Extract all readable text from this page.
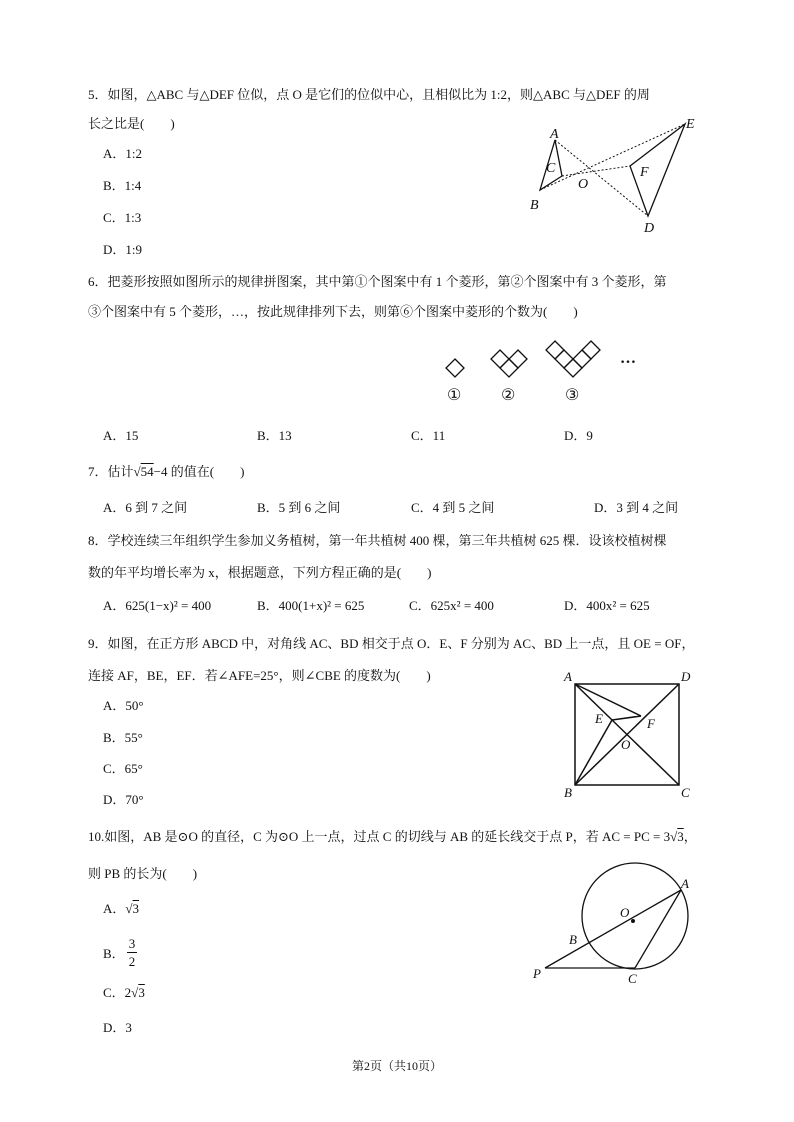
5．如图，△ABC 与△DEF 位似，点 O 是它们的位似中心，且相似比为 1:2，则△ABC 与△DEF 的周
长之比是(　　)
A．1:2
B．1:4
C．1:3
D．1:9
A
B
C
O
E
F
D
6．把菱形按照如图所示的规律拼图案，其中第①个图案中有 1 个菱形，第②个图案中有 3 个菱形，第
③个图案中有 5 个菱形，…，按此规律排列下去，则第⑥个图案中菱形的个数为(　　)
① ②	③
…
A．15	B．13	C．11	D．9
7．估计√54−4 的值在(　　)
A．6 到 7 之间	B．5 到 6 之间	C．4 到 5 之间	D．3 到 4 之间
8．学校连续三年组织学生参加义务植树，第一年共植树 400 棵，第三年共植树 625 棵．设该校植树棵
数的年平均增长率为 x，根据题意，下列方程正确的是(　　)
A．625(1−x)² = 400	B．400(1+x)² = 625	C．625x² = 400	D．400x² = 625
9．如图，在正方形 ABCD 中，对角线 AC、BD 相交于点 O．E、F 分别为 AC、BD 上一点，且 OE = OF，
连接 AF，BE，EF．若∠AFE=25°，则∠CBE 的度数为(　　)
A．50°
B．55°
C．65°
D．70°
A	D
E	F
O
B	C
10.如图，AB 是⊙O 的直径，C 为⊙O 上一点，过点 C 的切线与 AB 的延长线交于点 P，若 AC = PC = 3√3，
则 PB 的长为(　　)
A．√3
B．
3
2
C．2√3
D．3
O
A
B
P	C
第2页（共10页）
